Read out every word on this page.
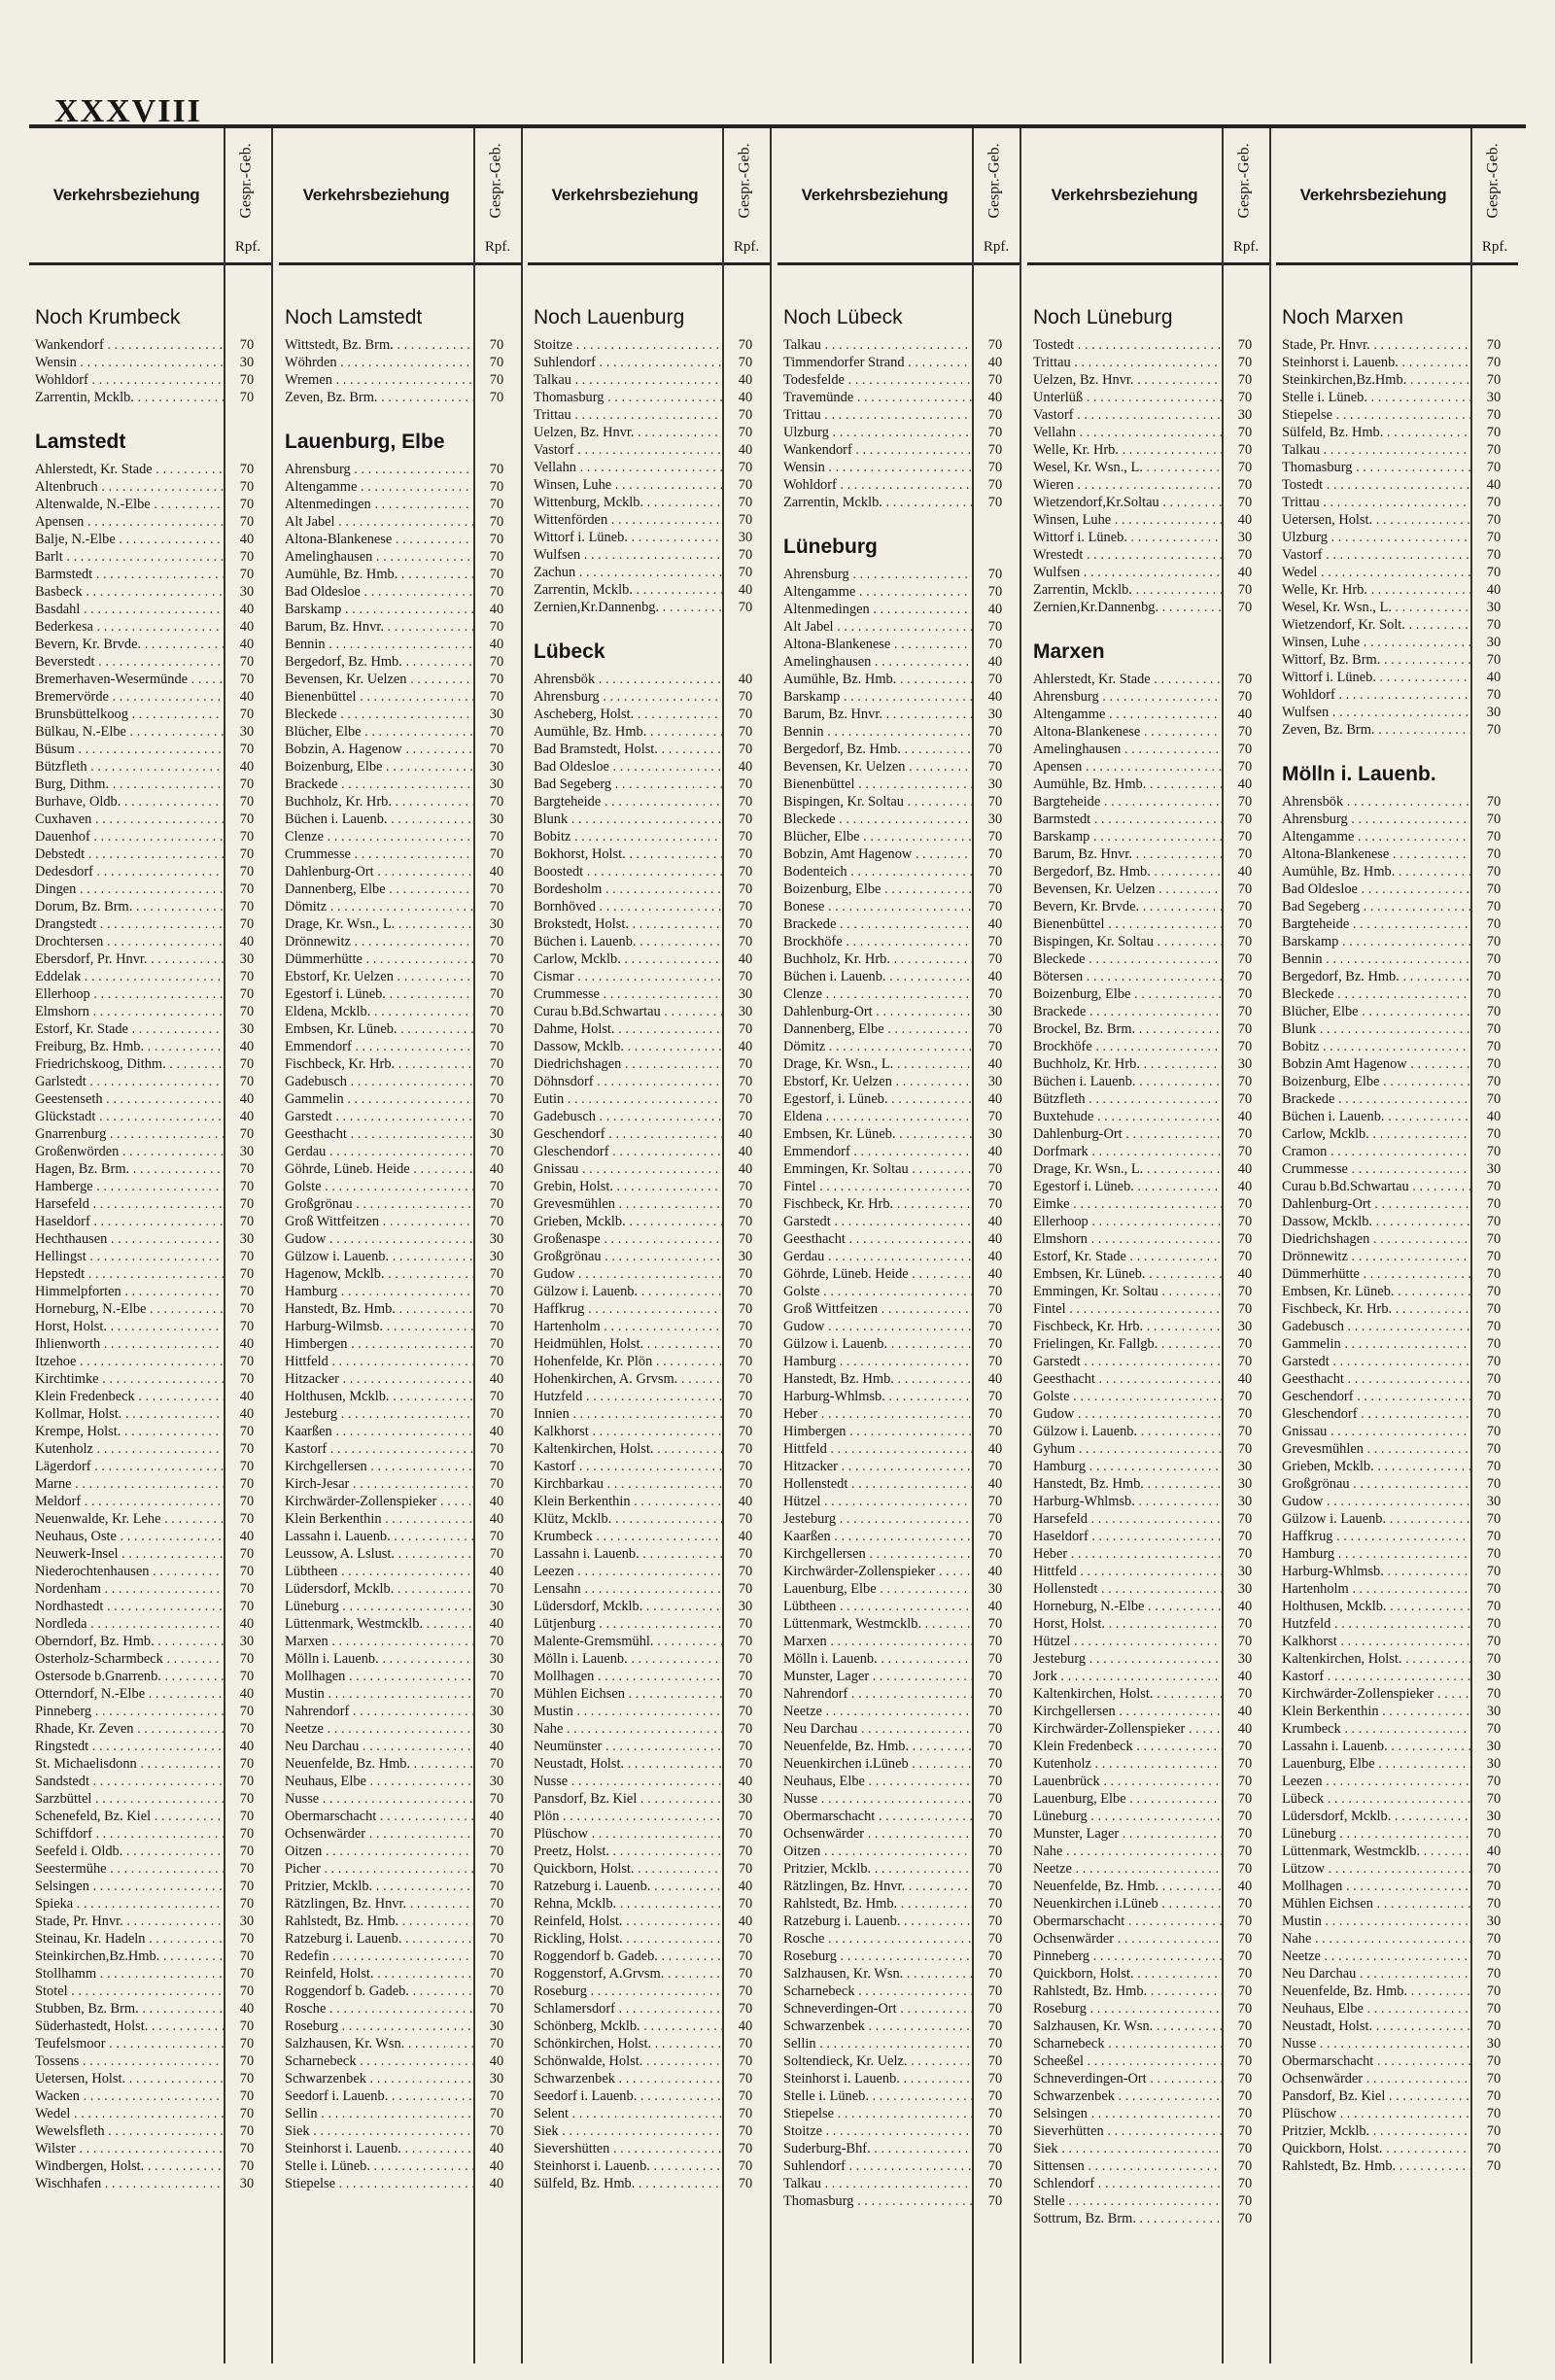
XXXVIII
Verkehrsbeziehung	Gespr.-Geb.
Rpf.
Noch Krumbeck
Wankendorf . . .	70
Wensin . . .	30
Wohldorf . . .	70
Zarrentin, Mcklb. . . .	70
Lamstedt
Ahlerstedt, Kr. Stade . . .	70
Altenbruch . . .	70
Altenwalde, N.-Elbe . . .	70
Apensen . . .	70
Balje, N.-Elbe . . .	40
Barlt . . .	70
Barmstedt . . .	70
Basbeck . . .	30
Basdahl . . .	40
Bederkesa . . .	40
Bevern, Kr. Brvde. . . .	40
Beverstedt . . .	70
Bremerhaven-Wesermünde . . .	70
Bremervörde . . .	40
Brunsbüttelkoog . . .	70
Bülkau, N.-Elbe . . .	30
Büsum . . .	70
Bützfleth . . .	40
Burg, Dithm. . . .	70
Burhave, Oldb. . . .	70
Cuxhaven . . .	70
Dauenhof . . .	70
Debstedt . . .	70
Dedesdorf . . .	70
Dingen . . .	70
Dorum, Bz. Brm. . . .	70
Drangstedt . . .	70
Drochtersen . . .	40
Ebersdorf, Pr. Hnvr. . . .	30
Eddelak . . .	70
Ellerhoop . . .	70
Elmshorn . . .	70
Estorf, Kr. Stade . . .	30
Freiburg, Bz. Hmb. . . .	40
Friedrichskoog, Dithm. . . .	70
Garlstedt . . .	70
Geestenseth . . .	40
Glückstadt . . .	40
Gnarrenburg . . .	70
Großenwörden . . .	30
Hagen, Bz. Brm. . . .	70
Hamberge . . .	70
Harsefeld . . .	70
Haseldorf . . .	70
Hechthausen . . .	30
Hellingst . . .	70
Hepstedt . . .	70
Himmelpforten . . .	70
Horneburg, N.-Elbe . . .	70
Horst, Holst. . . .	70
Ihlienworth . . .	40
Itzehoe . . .	70
Kirchtimke . . .	70
Klein Fredenbeck . . .	40
Kollmar, Holst. . . .	40
Krempe, Holst. . . .	70
Kutenholz . . .	70
Lägerdorf . . .	70
Marne . . .	70
Meldorf . . .	70
Neuenwalde, Kr. Lehe . . .	70
Neuhaus, Oste . . .	40
Neuwerk-Insel . . .	70
Niederochtenhausen . . .	70
Nordenham . . .	70
Nordhastedt . . .	70
Nordleda . . .	40
Oberndorf, Bz. Hmb. . . .	30
Osterholz-Scharmbeck . . .	70
Ostersode b.Gnarrenb. . . .	70
Otterndorf, N.-Elbe . . .	40
Pinneberg . . .	70
Rhade, Kr. Zeven . . .	70
Ringstedt . . .	40
St. Michaelisdonn . . .	70
Sandstedt . . .	70
Sarzbüttel . . .	70
Schenefeld, Bz. Kiel . . .	70
Schiffdorf . . .	70
Seefeld i. Oldb. . . .	70
Seestermühe . . .	70
Selsingen . . .	70
Spieka . . .	70
Stade, Pr. Hnvr. . . .	30
Steinau, Kr. Hadeln . . .	70
Steinkirchen,Bz.Hmb. . . .	70
Stollhamm . . .	70
Stotel . . .	70
Stubben, Bz. Brm. . . .	40
Süderhastedt, Holst. . . .	70
Teufelsmoor . . .	70
Tossens . . .	70
Uetersen, Holst. . . .	70
Wacken . . .	70
Wedel . . .	70
Wewelsfleth . . .	70
Wilster . . .	70
Windbergen, Holst. . . .	70
Wischhafen . . .	30
Verkehrsbeziehung	Gespr.-Geb.
Rpf.
Noch Lamstedt
Wittstedt, Bz. Brm. . . .	70
Wöhrden . . .	70
Wremen . . .	70
Zeven, Bz. Brm. . . .	70
Lauenburg, Elbe
Ahrensburg . . .	70
Altengamme . . .	70
Altenmedingen . . .	70
Alt Jabel . . .	70
Altona-Blankenese . . .	70
Amelinghausen . . .	70
Aumühle, Bz. Hmb. . . .	70
Bad Oldesloe . . .	70
Barskamp . . .	40
Barum, Bz. Hnvr. . . .	70
Bennin . . .	40
Bergedorf, Bz. Hmb. . . .	70
Bevensen, Kr. Uelzen . . .	70
Bienenbüttel . . .	70
Bleckede . . .	30
Blücher, Elbe . . .	70
Bobzin, A. Hagenow . . .	70
Boizenburg, Elbe . . .	30
Brackede . . .	30
Buchholz, Kr. Hrb. . . .	70
Büchen i. Lauenb. . . .	30
Clenze . . .	70
Crummesse . . .	70
Dahlenburg-Ort . . .	40
Dannenberg, Elbe . . .	70
Dömitz . . .	70
Drage, Kr. Wsn., L. . . .	30
Drönnewitz . . .	70
Dümmerhütte . . .	70
Ebstorf, Kr. Uelzen . . .	70
Egestorf i. Lüneb. . . .	70
Eldena, Mcklb. . . .	70
Embsen, Kr. Lüneb. . . .	70
Emmendorf . . .	70
Fischbeck, Kr. Hrb. . . .	70
Gadebusch . . .	70
Gammelin . . .	70
Garstedt . . .	70
Geesthacht . . .	30
Gerdau . . .	70
Göhrde, Lüneb. Heide . . .	40
Golste . . .	70
Großgrönau . . .	70
Groß Wittfeitzen . . .	70
Gudow . . .	30
Gülzow i. Lauenb. . . .	30
Hagenow, Mcklb. . . .	70
Hamburg . . .	70
Hanstedt, Bz. Hmb. . . .	70
Harburg-Wilmsb. . . .	70
Himbergen . . .	70
Hittfeld . . .	70
Hitzacker . . .	40
Holthusen, Mcklb. . . .	70
Jesteburg . . .	70
Kaarßen . . .	40
Kastorf . . .	70
Kirchgellersen . . .	70
Kirch-Jesar . . .	70
Kirchwärder-Zollenspieker . . .	40
Klein Berkenthin . . .	40
Lassahn i. Lauenb. . . .	70
Leussow, A. Lslust. . . .	70
Lübtheen . . .	40
Lüdersdorf, Mcklb. . . .	70
Lüneburg . . .	30
Lüttenmark, Westmcklb. . . .	40
Marxen . . .	70
Mölln i. Lauenb. . . .	30
Mollhagen . . .	70
Mustin . . .	70
Nahrendorf . . .	30
Neetze . . .	30
Neu Darchau . . .	40
Neuenfelde, Bz. Hmb. . . .	70
Neuhaus, Elbe . . .	30
Nusse . . .	70
Obermarschacht . . .	40
Ochsenwärder . . .	70
Oitzen . . .	70
Picher . . .	70
Pritzier, Mcklb. . . .	70
Rätzlingen, Bz. Hnvr. . . .	70
Rahlstedt, Bz. Hmb. . . .	70
Ratzeburg i. Lauenb. . . .	70
Redefin . . .	70
Reinfeld, Holst. . . .	70
Roggendorf b. Gadeb. . . .	70
Rosche . . .	70
Roseburg . . .	30
Salzhausen, Kr. Wsn. . . .	70
Scharnebeck . . .	40
Schwarzenbek . . .	30
Seedorf i. Lauenb. . . .	70
Sellin . . .	70
Siek . . .	70
Steinhorst i. Lauenb. . . .	40
Stelle i. Lüneb. . . .	40
Stiepelse . . .	40
Verkehrsbeziehung	Gespr.-Geb.
Rpf.
Noch Lauenburg
Stoitze . . .	70
Suhlendorf . . .	70
Talkau . . .	40
Thomasburg . . .	40
Trittau . . .	70
Uelzen, Bz. Hnvr. . . .	70
Vastorf . . .	40
Vellahn . . .	70
Winsen, Luhe . . .	70
Wittenburg, Mcklb. . . .	70
Wittenförden . . .	70
Wittorf i. Lüneb. . . .	30
Wulfsen . . .	70
Zachun . . .	70
Zarrentin, Mcklb. . . .	40
Zernien,Kr.Dannenbg. . . .	70
Lübeck
Ahrensbök . . .	40
Ahrensburg . . .	70
Ascheberg, Holst. . . .	70
Aumühle, Bz. Hmb. . . .	70
Bad Bramstedt, Holst. . . .	70
Bad Oldesloe . . .	40
Bad Segeberg . . .	70
Bargteheide . . .	70
Blunk . . .	70
Bobitz . . .	70
Bokhorst, Holst. . . .	70
Boostedt . . .	70
Bordesholm . . .	70
Bornhöved . . .	70
Brokstedt, Holst. . . .	70
Büchen i. Lauenb. . . .	70
Carlow, Mcklb. . . .	40
Cismar . . .	70
Crummesse . . .	30
Curau b.Bd.Schwartau . . .	30
Dahme, Holst. . . .	70
Dassow, Mcklb. . . .	40
Diedrichshagen . . .	70
Döhnsdorf . . .	70
Eutin . . .	70
Gadebusch . . .	70
Geschendorf . . .	40
Gleschendorf . . .	40
Gnissau . . .	40
Grebin, Holst. . . .	70
Grevesmühlen . . .	70
Grieben, Mcklb. . . .	70
Großenaspe . . .	70
Großgrönau . . .	30
Gudow . . .	70
Gülzow i. Lauenb. . . .	70
Haffkrug . . .	70
Hartenholm . . .	70
Heidmühlen, Holst. . . .	70
Hohenfelde, Kr. Plön . . .	70
Hohenkirchen, A. Grvsm. . . .	70
Hutzfeld . . .	70
Innien . . .	70
Kalkhorst . . .	70
Kaltenkirchen, Holst. . . .	70
Kastorf . . .	70
Kirchbarkau . . .	70
Klein Berkenthin . . .	40
Klütz, Mcklb. . . .	70
Krumbeck . . .	40
Lassahn i. Lauenb. . . .	70
Leezen . . .	70
Lensahn . . .	70
Lüdersdorf, Mcklb. . . .	30
Lütjenburg . . .	70
Malente-Gremsmühl. . . .	70
Mölln i. Lauenb. . . .	70
Mollhagen . . .	70
Mühlen Eichsen . . .	70
Mustin . . .	70
Nahe . . .	70
Neumünster . . .	70
Neustadt, Holst. . . .	70
Nusse . . .	40
Pansdorf, Bz. Kiel . . .	30
Plön . . .	70
Plüschow . . .	70
Preetz, Holst. . . .	70
Quickborn, Holst. . . .	70
Ratzeburg i. Lauenb. . . .	40
Rehna, Mcklb. . . .	70
Reinfeld, Holst. . . .	40
Rickling, Holst. . . .	70
Roggendorf b. Gadeb. . . .	70
Roggenstorf, A.Grvsm. . . .	70
Roseburg . . .	70
Schlamersdorf . . .	70
Schönberg, Mcklb. . . .	40
Schönkirchen, Holst. . . .	70
Schönwalde, Holst. . . .	70
Schwarzenbek . . .	70
Seedorf i. Lauenb. . . .	70
Selent . . .	70
Siek . . .	70
Sievershütten . . .	70
Steinhorst i. Lauenb. . . .	70
Sülfeld, Bz. Hmb. . . .	70
Verkehrsbeziehung	Gespr.-Geb.
Rpf.
Noch Lübeck
Talkau . . .	70
Timmendorfer Strand . . .	40
Todesfelde . . .	70
Travemünde . . .	40
Trittau . . .	70
Ulzburg . . .	70
Wankendorf . . .	70
Wensin . . .	70
Wohldorf . . .	70
Zarrentin, Mcklb. . . .	70
Lüneburg
Ahrensburg . . .	70
Altengamme . . .	70
Altenmedingen . . .	40
Alt Jabel . . .	70
Altona-Blankenese . . .	70
Amelinghausen . . .	40
Aumühle, Bz. Hmb. . . .	70
Barskamp . . .	40
Barum, Bz. Hnvr. . . .	30
Bennin . . .	70
Bergedorf, Bz. Hmb. . . .	70
Bevensen, Kr. Uelzen . . .	70
Bienenbüttel . . .	30
Bispingen, Kr. Soltau . . .	70
Bleckede . . .	30
Blücher, Elbe . . .	70
Bobzin, Amt Hagenow . . .	70
Bodenteich . . .	70
Boizenburg, Elbe . . .	70
Bonese . . .	70
Brackede . . .	40
Brockhöfe . . .	70
Buchholz, Kr. Hrb. . . .	70
Büchen i. Lauenb. . . .	40
Clenze . . .	70
Dahlenburg-Ort . . .	30
Dannenberg, Elbe . . .	70
Dömitz . . .	70
Drage, Kr. Wsn., L. . . .	40
Ebstorf, Kr. Uelzen . . .	30
Egestorf, i. Lüneb. . . .	40
Eldena . . .	70
Embsen, Kr. Lüneb. . . .	30
Emmendorf . . .	40
Emmingen, Kr. Soltau . . .	70
Fintel . . .	70
Fischbeck, Kr. Hrb. . . .	70
Garstedt . . .	40
Geesthacht . . .	40
Gerdau . . .	40
Göhrde, Lüneb. Heide . . .	40
Golste . . .	70
Groß Wittfeitzen . . .	70
Gudow . . .	70
Gülzow i. Lauenb. . . .	70
Hamburg . . .	70
Hanstedt, Bz. Hmb. . . .	40
Harburg-Whlmsb. . . .	70
Heber . . .	70
Himbergen . . .	70
Hittfeld . . .	40
Hitzacker . . .	70
Hollenstedt . . .	40
Hützel . . .	70
Jesteburg . . .	70
Kaarßen . . .	70
Kirchgellersen . . .	70
Kirchwärder-Zollenspieker . . .	40
Lauenburg, Elbe . . .	30
Lübtheen . . .	40
Lüttenmark, Westmcklb. . . .	70
Marxen . . .	70
Mölln i. Lauenb. . . .	70
Munster, Lager . . .	70
Nahrendorf . . .	70
Neetze . . .	70
Neu Darchau . . .	70
Neuenfelde, Bz. Hmb. . . .	70
Neuenkirchen i.Lüneb . . .	70
Neuhaus, Elbe . . .	70
Nusse . . .	70
Obermarschacht . . .	70
Ochsenwärder . . .	70
Oitzen . . .	70
Pritzier, Mcklb. . . .	70
Rätzlingen, Bz. Hnvr. . . .	70
Rahlstedt, Bz. Hmb. . . .	70
Ratzeburg i. Lauenb. . . .	70
Rosche . . .	70
Roseburg . . .	70
Salzhausen, Kr. Wsn. . . .	70
Scharnebeck . . .	70
Schneverdingen-Ort . . .	70
Schwarzenbek . . .	70
Sellin . . .	70
Soltendieck, Kr. Uelz. . . .	70
Steinhorst i. Lauenb. . . .	70
Stelle i. Lüneb. . . .	70
Stiepelse . . .	70
Stoitze . . .	70
Suderburg-Bhf. . . .	70
Suhlendorf . . .	70
Talkau . . .	70
Thomasburg . . .	70
Verkehrsbeziehung	Gespr.-Geb.
Rpf.
Noch Lüneburg
Tostedt . . .	70
Trittau . . .	70
Uelzen, Bz. Hnvr. . . .	70
Unterlüß . . .	70
Vastorf . . .	30
Vellahn . . .	70
Welle, Kr. Hrb. . . .	70
Wesel, Kr. Wsn., L. . . .	70
Wieren . . .	70
Wietzendorf,Kr.Soltau . . .	70
Winsen, Luhe . . .	40
Wittorf i. Lüneb. . . .	30
Wrestedt . . .	70
Wulfsen . . .	40
Zarrentin, Mcklb. . . .	70
Zernien,Kr.Dannenbg. . . .	70
Marxen
Ahlerstedt, Kr. Stade . . .	70
Ahrensburg . . .	70
Altengamme . . .	40
Altona-Blankenese . . .	70
Amelinghausen . . .	70
Apensen . . .	70
Aumühle, Bz. Hmb. . . .	40
Bargteheide . . .	70
Barmstedt . . .	70
Barskamp . . .	70
Barum, Bz. Hnvr. . . .	70
Bergedorf, Bz. Hmb. . . .	40
Bevensen, Kr. Uelzen . . .	70
Bevern, Kr. Brvde. . . .	70
Bienenbüttel . . .	70
Bispingen, Kr. Soltau . . .	70
Bleckede . . .	70
Bötersen . . .	70
Boizenburg, Elbe . . .	70
Brackede . . .	70
Brockel, Bz. Brm. . . .	70
Brockhöfe . . .	70
Buchholz, Kr. Hrb. . . .	30
Büchen i. Lauenb. . . .	70
Bützfleth . . .	70
Buxtehude . . .	40
Dahlenburg-Ort . . .	70
Dorfmark . . .	70
Drage, Kr. Wsn., L. . . .	40
Egestorf i. Lüneb. . . .	40
Eimke . . .	70
Ellerhoop . . .	70
Elmshorn . . .	70
Estorf, Kr. Stade . . .	70
Embsen, Kr. Lüneb. . . .	40
Emmingen, Kr. Soltau . . .	70
Fintel . . .	70
Fischbeck, Kr. Hrb. . . .	30
Frielingen, Kr. Fallgb. . . .	70
Garstedt . . .	70
Geesthacht . . .	40
Golste . . .	70
Gudow . . .	70
Gülzow i. Lauenb. . . .	70
Gyhum . . .	70
Hamburg . . .	30
Hanstedt, Bz. Hmb. . . .	30
Harburg-Whlmsb. . . .	30
Harsefeld . . .	70
Haseldorf . . .	70
Heber . . .	70
Hittfeld . . .	30
Hollenstedt . . .	30
Horneburg, N.-Elbe . . .	40
Horst, Holst. . . .	70
Hützel . . .	70
Jesteburg . . .	30
Jork . . .	40
Kaltenkirchen, Holst. . . .	70
Kirchgellersen . . .	40
Kirchwärder-Zollenspieker . . .	40
Klein Fredenbeck . . .	70
Kutenholz . . .	70
Lauenbrück . . .	70
Lauenburg, Elbe . . .	70
Lüneburg . . .	70
Munster, Lager . . .	70
Nahe . . .	70
Neetze . . .	70
Neuenfelde, Bz. Hmb. . . .	40
Neuenkirchen i.Lüneb . . .	70
Obermarschacht . . .	70
Ochsenwärder . . .	70
Pinneberg . . .	70
Quickborn, Holst. . . .	70
Rahlstedt, Bz. Hmb. . . .	70
Roseburg . . .	70
Salzhausen, Kr. Wsn. . . .	70
Scharnebeck . . .	70
Scheeßel . . .	70
Schneverdingen-Ort . . .	70
Schwarzenbek . . .	70
Selsingen . . .	70
Sieverhütten . . .	70
Siek . . .	70
Sittensen . . .	70
Schlendorf . . .	70
Stelle . . .	70
Sottrum, Bz. Brm. . . .	70
Verkehrsbeziehung	Gespr.-Geb.
Rpf.
Noch Marxen
Stade, Pr. Hnvr. . . .	70
Steinhorst i. Lauenb. . . .	70
Steinkirchen,Bz.Hmb. . . .	70
Stelle i. Lüneb. . . .	30
Stiepelse . . .	70
Sülfeld, Bz. Hmb. . . .	70
Talkau . . .	70
Thomasburg . . .	70
Tostedt . . .	40
Trittau . . .	70
Uetersen, Holst. . . .	70
Ulzburg . . .	70
Vastorf . . .	70
Wedel . . .	70
Welle, Kr. Hrb. . . .	40
Wesel, Kr. Wsn., L. . . .	30
Wietzendorf, Kr. Solt. . . .	70
Winsen, Luhe . . .	30
Wittorf, Bz. Brm. . . .	70
Wittorf i. Lüneb. . . .	40
Wohldorf . . .	70
Wulfsen . . .	30
Zeven, Bz. Brm. . . .	70
Mölln i. Lauenb.
Ahrensbök . . .	70
Ahrensburg . . .	70
Altengamme . . .	70
Altona-Blankenese . . .	70
Aumühle, Bz. Hmb. . . .	70
Bad Oldesloe . . .	70
Bad Segeberg . . .	70
Bargteheide . . .	70
Barskamp . . .	70
Bennin . . .	70
Bergedorf, Bz. Hmb. . . .	70
Bleckede . . .	70
Blücher, Elbe . . .	70
Blunk . . .	70
Bobitz . . .	70
Bobzin Amt Hagenow . . .	70
Boizenburg, Elbe . . .	70
Brackede . . .	70
Büchen i. Lauenb. . . .	40
Carlow, Mcklb. . . .	70
Cramon . . .	70
Crummesse . . .	30
Curau b.Bd.Schwartau . . .	70
Dahlenburg-Ort . . .	70
Dassow, Mcklb. . . .	70
Diedrichshagen . . .	70
Drönnewitz . . .	70
Dümmerhütte . . .	70
Embsen, Kr. Lüneb. . . .	70
Fischbeck, Kr. Hrb. . . .	70
Gadebusch . . .	70
Gammelin . . .	70
Garstedt . . .	70
Geesthacht . . .	70
Geschendorf . . .	70
Gleschendorf . . .	70
Gnissau . . .	70
Grevesmühlen . . .	70
Grieben, Mcklb. . . .	70
Großgrönau . . .	70
Gudow . . .	30
Gülzow i. Lauenb. . . .	70
Haffkrug . . .	70
Hamburg . . .	70
Harburg-Whlmsb. . . .	70
Hartenholm . . .	70
Holthusen, Mcklb. . . .	70
Hutzfeld . . .	70
Kalkhorst . . .	70
Kaltenkirchen, Holst. . . .	70
Kastorf . . .	30
Kirchwärder-Zollenspieker . . .	70
Klein Berkenthin . . .	30
Krumbeck . . .	70
Lassahn i. Lauenb. . . .	30
Lauenburg, Elbe . . .	30
Leezen . . .	70
Lübeck . . .	70
Lüdersdorf, Mcklb. . . .	30
Lüneburg . . .	70
Lüttenmark, Westmcklb. . . .	40
Lützow . . .	70
Mollhagen . . .	70
Mühlen Eichsen . . .	70
Mustin . . .	30
Nahe . . .	70
Neetze . . .	70
Neu Darchau . . .	70
Neuenfelde, Bz. Hmb. . . .	70
Neuhaus, Elbe . . .	70
Neustadt, Holst. . . .	70
Nusse . . .	30
Obermarschacht . . .	70
Ochsenwärder . . .	70
Pansdorf, Bz. Kiel . . .	70
Plüschow . . .	70
Pritzier, Mcklb. . . .	70
Quickborn, Holst. . . .	70
Rahlstedt, Bz. Hmb. . . .	70
